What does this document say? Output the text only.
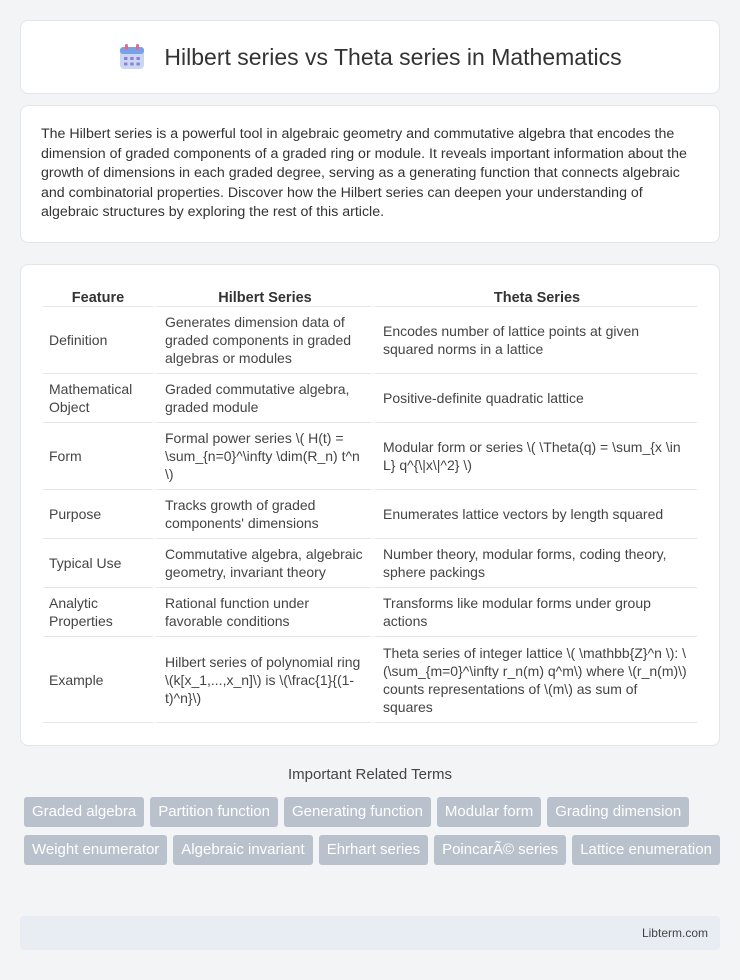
Hilbert series vs Theta series in Mathematics

The Hilbert series is a powerful tool in algebraic geometry and commutative algebra that encodes the dimension of graded components of a graded ring or module. It reveals important information about the growth of dimensions in each graded degree, serving as a generating function that connects algebraic and combinatorial properties. Discover how the Hilbert series can deepen your understanding of algebraic structures by exploring the rest of this article.

Feature	Hilbert Series	Theta Series
Definition	Generates dimension data of graded components in graded algebras or modules	Encodes number of lattice points at given squared norms in a lattice
Mathematical Object	Graded commutative algebra, graded module	Positive-definite quadratic lattice
Form	Formal power series \( H(t) = \sum_{n=0}^\infty \dim(R_n) t^n \)	Modular form or series \( \Theta(q) = \sum_{x \in L} q^{\|x\|^2} \)
Purpose	Tracks growth of graded components' dimensions	Enumerates lattice vectors by length squared
Typical Use	Commutative algebra, algebraic geometry, invariant theory	Number theory, modular forms, coding theory, sphere packings
Analytic Properties	Rational function under favorable conditions	Transforms like modular forms under group actions
Example	Hilbert series of polynomial ring \(k[x_1,...,x_n]\) is \(\frac{1}{(1-t)^n}\)	Theta series of integer lattice \( \mathbb{Z}^n \): \(\sum_{m=0}^\infty r_n(m) q^m\) where \(r_n(m)\) counts representations of \(m\) as sum of squares
Important Related Terms
Graded algebra	Partition function	Generating function	Modular form	Grading dimension
Weight enumerator	Algebraic invariant	Ehrhart series	PoincarÃ© series	Lattice enumeration
Libterm.com
